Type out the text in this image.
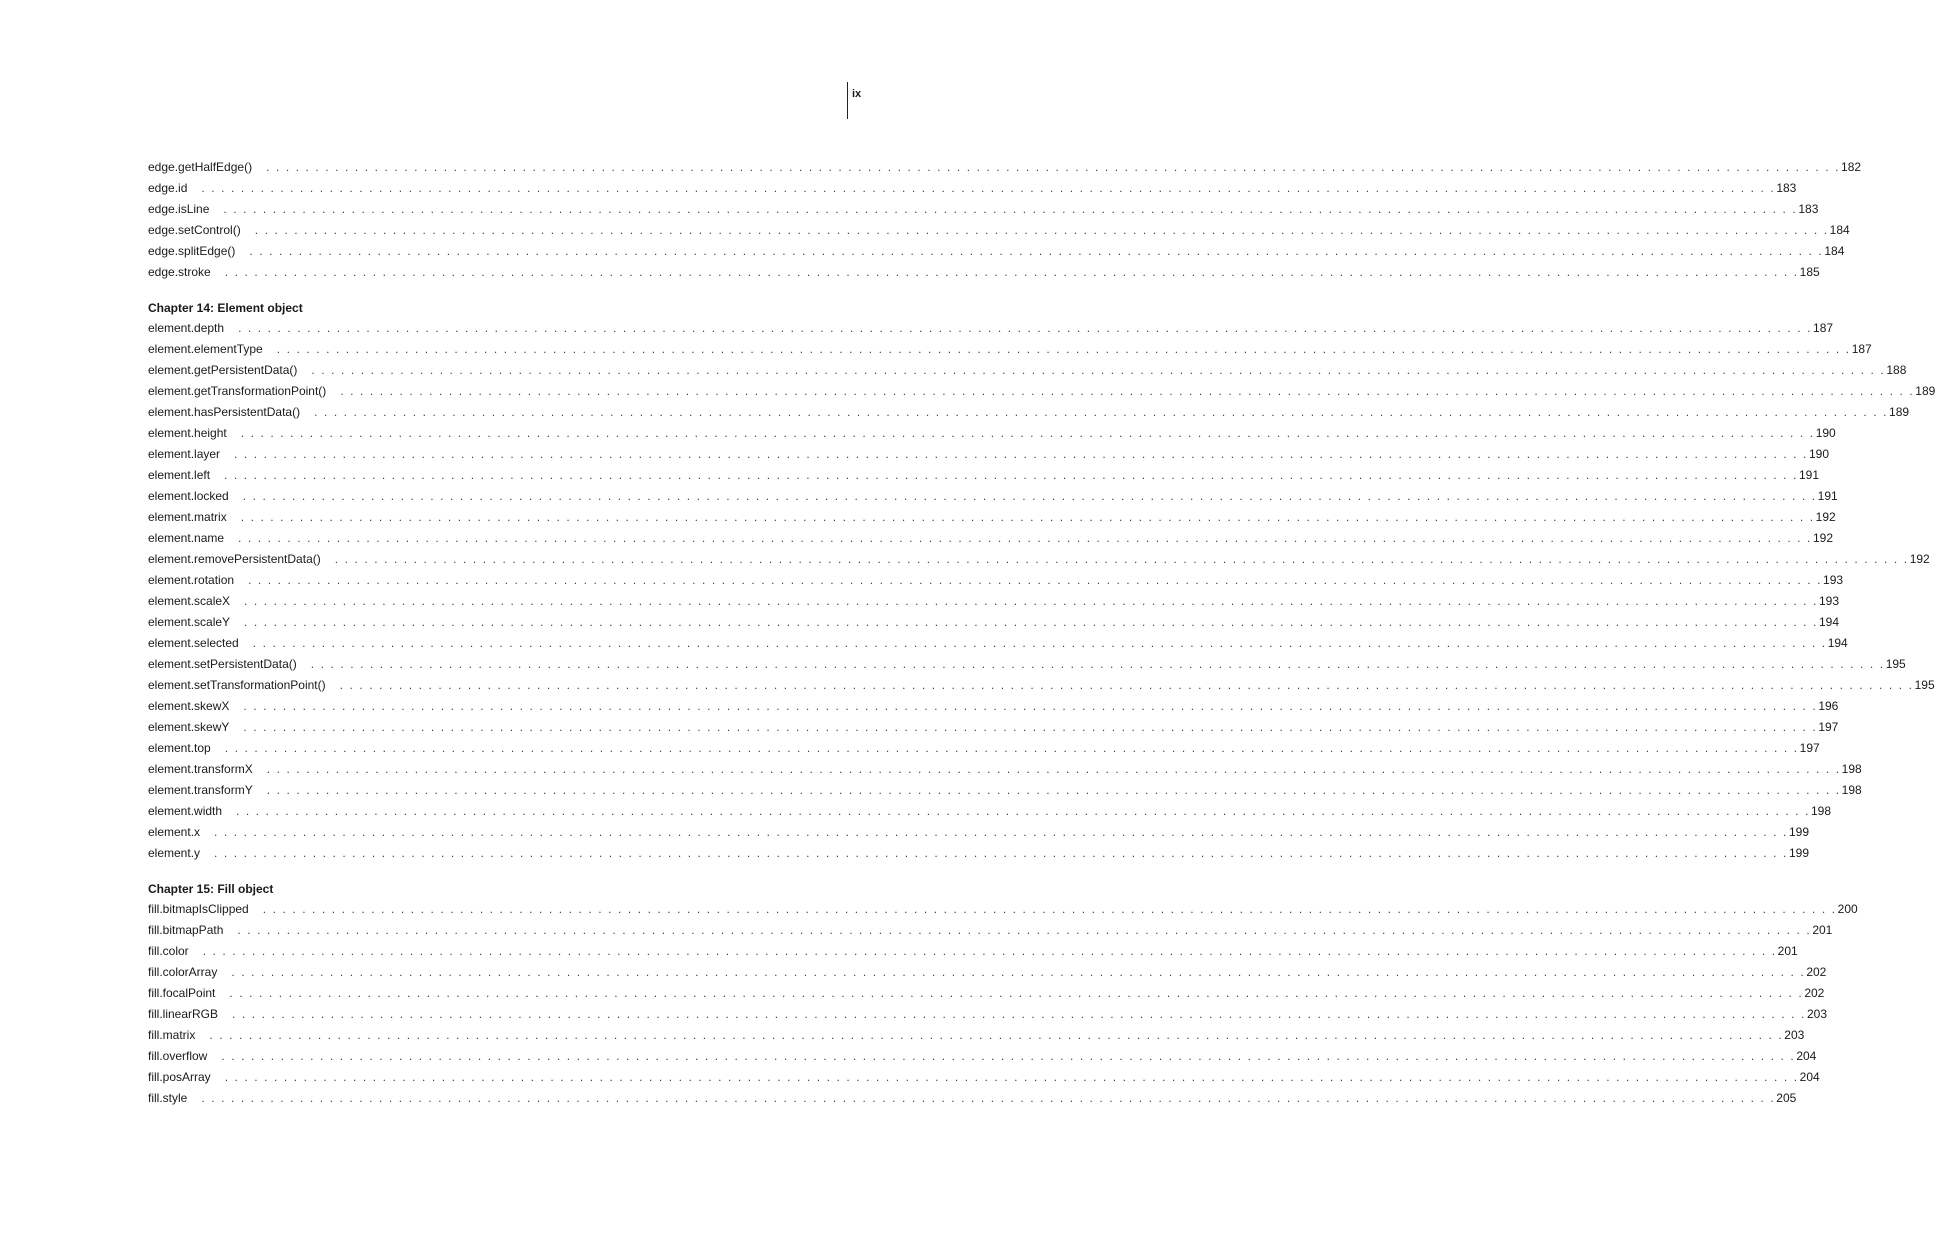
ix
edge.getHalfEdge()	. . . . . . . . . . . . . . . . . . . . . . . . . . . . . . . . . . . . . . . . . . . . . . . . . . . . . . . . . . . . . . . . . . . . . . . . . . . . . . . . . . . . . . . . . . . . . . . . . . . . . . . . . . . . . . . . . . . . . . . . . . . . . . . . . . . . . . . . . . . . . . . . . . . . . . . . . . . . . . . . 182
edge.id	. . . . . . . . . . . . . . . . . . . . . . . . . . . . . . . . . . . . . . . . . . . . . . . . . . . . . . . . . . . . . . . . . . . . . . . . . . . . . . . . . . . . . . . . . . . . . . . . . . . . . . . . . . . . . . . . . . . . . . . . . . . . . . . . . . . . . . . . . . . . . . . . . . . . . . . . . . . . . . . . 183
edge.isLine	. . . . . . . . . . . . . . . . . . . . . . . . . . . . . . . . . . . . . . . . . . . . . . . . . . . . . . . . . . . . . . . . . . . . . . . . . . . . . . . . . . . . . . . . . . . . . . . . . . . . . . . . . . . . . . . . . . . . . . . . . . . . . . . . . . . . . . . . . . . . . . . . . . . . . . . . . . . . . . . . 183
edge.setControl()	. . . . . . . . . . . . . . . . . . . . . . . . . . . . . . . . . . . . . . . . . . . . . . . . . . . . . . . . . . . . . . . . . . . . . . . . . . . . . . . . . . . . . . . . . . . . . . . . . . . . . . . . . . . . . . . . . . . . . . . . . . . . . . . . . . . . . . . . . . . . . . . . . . . . . . . . . . . . . . . . 184
edge.splitEdge()	. . . . . . . . . . . . . . . . . . . . . . . . . . . . . . . . . . . . . . . . . . . . . . . . . . . . . . . . . . . . . . . . . . . . . . . . . . . . . . . . . . . . . . . . . . . . . . . . . . . . . . . . . . . . . . . . . . . . . . . . . . . . . . . . . . . . . . . . . . . . . . . . . . . . . . . . . . . . . . . . 184
edge.stroke	. . . . . . . . . . . . . . . . . . . . . . . . . . . . . . . . . . . . . . . . . . . . . . . . . . . . . . . . . . . . . . . . . . . . . . . . . . . . . . . . . . . . . . . . . . . . . . . . . . . . . . . . . . . . . . . . . . . . . . . . . . . . . . . . . . . . . . . . . . . . . . . . . . . . . . . . . . . . . . . . 185
Chapter 14: Element object
element.depth	. . . . . . . . . . . . . . . . . . . . . . . . . . . . . . . . . . . . . . . . . . . . . . . . . . . . . . . . . . . . . . . . . . . . . . . . . . . . . . . . . . . . . . . . . . . . . . . . . . . . . . . . . . . . . . . . . . . . . . . . . . . . . . . . . . . . . . . . . . . . . . . . . . . . . . . . . . . . . . . . 187
element.elementType	. . . . . . . . . . . . . . . . . . . . . . . . . . . . . . . . . . . . . . . . . . . . . . . . . . . . . . . . . . . . . . . . . . . . . . . . . . . . . . . . . . . . . . . . . . . . . . . . . . . . . . . . . . . . . . . . . . . . . . . . . . . . . . . . . . . . . . . . . . . . . . . . . . . . . . . . . . . . . . . . 187
element.getPersistentData()	. . . . . . . . . . . . . . . . . . . . . . . . . . . . . . . . . . . . . . . . . . . . . . . . . . . . . . . . . . . . . . . . . . . . . . . . . . . . . . . . . . . . . . . . . . . . . . . . . . . . . . . . . . . . . . . . . . . . . . . . . . . . . . . . . . . . . . . . . . . . . . . . . . . . . . . . . . . . . . . . 188
element.getTransformationPoint()	. . . . . . . . . . . . . . . . . . . . . . . . . . . . . . . . . . . . . . . . . . . . . . . . . . . . . . . . . . . . . . . . . . . . . . . . . . . . . . . . . . . . . . . . . . . . . . . . . . . . . . . . . . . . . . . . . . . . . . . . . . . . . . . . . . . . . . . . . . . . . . . . . . . . . . . . . . . . . . . . 189
element.hasPersistentData()	. . . . . . . . . . . . . . . . . . . . . . . . . . . . . . . . . . . . . . . . . . . . . . . . . . . . . . . . . . . . . . . . . . . . . . . . . . . . . . . . . . . . . . . . . . . . . . . . . . . . . . . . . . . . . . . . . . . . . . . . . . . . . . . . . . . . . . . . . . . . . . . . . . . . . . . . . . . . . . . . 189
element.height	. . . . . . . . . . . . . . . . . . . . . . . . . . . . . . . . . . . . . . . . . . . . . . . . . . . . . . . . . . . . . . . . . . . . . . . . . . . . . . . . . . . . . . . . . . . . . . . . . . . . . . . . . . . . . . . . . . . . . . . . . . . . . . . . . . . . . . . . . . . . . . . . . . . . . . . . . . . . . . . . 190
element.layer	. . . . . . . . . . . . . . . . . . . . . . . . . . . . . . . . . . . . . . . . . . . . . . . . . . . . . . . . . . . . . . . . . . . . . . . . . . . . . . . . . . . . . . . . . . . . . . . . . . . . . . . . . . . . . . . . . . . . . . . . . . . . . . . . . . . . . . . . . . . . . . . . . . . . . . . . . . . . . . . . 190
element.left	. . . . . . . . . . . . . . . . . . . . . . . . . . . . . . . . . . . . . . . . . . . . . . . . . . . . . . . . . . . . . . . . . . . . . . . . . . . . . . . . . . . . . . . . . . . . . . . . . . . . . . . . . . . . . . . . . . . . . . . . . . . . . . . . . . . . . . . . . . . . . . . . . . . . . . . . . . . . . . . . 191
element.locked	. . . . . . . . . . . . . . . . . . . . . . . . . . . . . . . . . . . . . . . . . . . . . . . . . . . . . . . . . . . . . . . . . . . . . . . . . . . . . . . . . . . . . . . . . . . . . . . . . . . . . . . . . . . . . . . . . . . . . . . . . . . . . . . . . . . . . . . . . . . . . . . . . . . . . . . . . . . . . . . . 191
element.matrix	. . . . . . . . . . . . . . . . . . . . . . . . . . . . . . . . . . . . . . . . . . . . . . . . . . . . . . . . . . . . . . . . . . . . . . . . . . . . . . . . . . . . . . . . . . . . . . . . . . . . . . . . . . . . . . . . . . . . . . . . . . . . . . . . . . . . . . . . . . . . . . . . . . . . . . . . . . . . . . . . 192
element.name	. . . . . . . . . . . . . . . . . . . . . . . . . . . . . . . . . . . . . . . . . . . . . . . . . . . . . . . . . . . . . . . . . . . . . . . . . . . . . . . . . . . . . . . . . . . . . . . . . . . . . . . . . . . . . . . . . . . . . . . . . . . . . . . . . . . . . . . . . . . . . . . . . . . . . . . . . . . . . . . . 192
element.removePersistentData()	. . . . . . . . . . . . . . . . . . . . . . . . . . . . . . . . . . . . . . . . . . . . . . . . . . . . . . . . . . . . . . . . . . . . . . . . . . . . . . . . . . . . . . . . . . . . . . . . . . . . . . . . . . . . . . . . . . . . . . . . . . . . . . . . . . . . . . . . . . . . . . . . . . . . . . . . . . . . . . . . 192
element.rotation	. . . . . . . . . . . . . . . . . . . . . . . . . . . . . . . . . . . . . . . . . . . . . . . . . . . . . . . . . . . . . . . . . . . . . . . . . . . . . . . . . . . . . . . . . . . . . . . . . . . . . . . . . . . . . . . . . . . . . . . . . . . . . . . . . . . . . . . . . . . . . . . . . . . . . . . . . . . . . . . . 193
element.scaleX	. . . . . . . . . . . . . . . . . . . . . . . . . . . . . . . . . . . . . . . . . . . . . . . . . . . . . . . . . . . . . . . . . . . . . . . . . . . . . . . . . . . . . . . . . . . . . . . . . . . . . . . . . . . . . . . . . . . . . . . . . . . . . . . . . . . . . . . . . . . . . . . . . . . . . . . . . . . . . . . . 193
element.scaleY	. . . . . . . . . . . . . . . . . . . . . . . . . . . . . . . . . . . . . . . . . . . . . . . . . . . . . . . . . . . . . . . . . . . . . . . . . . . . . . . . . . . . . . . . . . . . . . . . . . . . . . . . . . . . . . . . . . . . . . . . . . . . . . . . . . . . . . . . . . . . . . . . . . . . . . . . . . . . . . . . 194
element.selected	. . . . . . . . . . . . . . . . . . . . . . . . . . . . . . . . . . . . . . . . . . . . . . . . . . . . . . . . . . . . . . . . . . . . . . . . . . . . . . . . . . . . . . . . . . . . . . . . . . . . . . . . . . . . . . . . . . . . . . . . . . . . . . . . . . . . . . . . . . . . . . . . . . . . . . . . . . . . . . . . 194
element.setPersistentData()	. . . . . . . . . . . . . . . . . . . . . . . . . . . . . . . . . . . . . . . . . . . . . . . . . . . . . . . . . . . . . . . . . . . . . . . . . . . . . . . . . . . . . . . . . . . . . . . . . . . . . . . . . . . . . . . . . . . . . . . . . . . . . . . . . . . . . . . . . . . . . . . . . . . . . . . . . . . . . . . . 195
element.setTransformationPoint()	. . . . . . . . . . . . . . . . . . . . . . . . . . . . . . . . . . . . . . . . . . . . . . . . . . . . . . . . . . . . . . . . . . . . . . . . . . . . . . . . . . . . . . . . . . . . . . . . . . . . . . . . . . . . . . . . . . . . . . . . . . . . . . . . . . . . . . . . . . . . . . . . . . . . . . . . . . . . . . . . 195
element.skewX	. . . . . . . . . . . . . . . . . . . . . . . . . . . . . . . . . . . . . . . . . . . . . . . . . . . . . . . . . . . . . . . . . . . . . . . . . . . . . . . . . . . . . . . . . . . . . . . . . . . . . . . . . . . . . . . . . . . . . . . . . . . . . . . . . . . . . . . . . . . . . . . . . . . . . . . . . . . . . . . . 196
element.skewY	. . . . . . . . . . . . . . . . . . . . . . . . . . . . . . . . . . . . . . . . . . . . . . . . . . . . . . . . . . . . . . . . . . . . . . . . . . . . . . . . . . . . . . . . . . . . . . . . . . . . . . . . . . . . . . . . . . . . . . . . . . . . . . . . . . . . . . . . . . . . . . . . . . . . . . . . . . . . . . . . 197
element.top	. . . . . . . . . . . . . . . . . . . . . . . . . . . . . . . . . . . . . . . . . . . . . . . . . . . . . . . . . . . . . . . . . . . . . . . . . . . . . . . . . . . . . . . . . . . . . . . . . . . . . . . . . . . . . . . . . . . . . . . . . . . . . . . . . . . . . . . . . . . . . . . . . . . . . . . . . . . . . . . . 197
element.transformX	. . . . . . . . . . . . . . . . . . . . . . . . . . . . . . . . . . . . . . . . . . . . . . . . . . . . . . . . . . . . . . . . . . . . . . . . . . . . . . . . . . . . . . . . . . . . . . . . . . . . . . . . . . . . . . . . . . . . . . . . . . . . . . . . . . . . . . . . . . . . . . . . . . . . . . . . . . . . . . . . 198
element.transformY	. . . . . . . . . . . . . . . . . . . . . . . . . . . . . . . . . . . . . . . . . . . . . . . . . . . . . . . . . . . . . . . . . . . . . . . . . . . . . . . . . . . . . . . . . . . . . . . . . . . . . . . . . . . . . . . . . . . . . . . . . . . . . . . . . . . . . . . . . . . . . . . . . . . . . . . . . . . . . . . . 198
element.width	. . . . . . . . . . . . . . . . . . . . . . . . . . . . . . . . . . . . . . . . . . . . . . . . . . . . . . . . . . . . . . . . . . . . . . . . . . . . . . . . . . . . . . . . . . . . . . . . . . . . . . . . . . . . . . . . . . . . . . . . . . . . . . . . . . . . . . . . . . . . . . . . . . . . . . . . . . . . . . . . 198
element.x	. . . . . . . . . . . . . . . . . . . . . . . . . . . . . . . . . . . . . . . . . . . . . . . . . . . . . . . . . . . . . . . . . . . . . . . . . . . . . . . . . . . . . . . . . . . . . . . . . . . . . . . . . . . . . . . . . . . . . . . . . . . . . . . . . . . . . . . . . . . . . . . . . . . . . . . . . . . . . . . . 199
element.y	. . . . . . . . . . . . . . . . . . . . . . . . . . . . . . . . . . . . . . . . . . . . . . . . . . . . . . . . . . . . . . . . . . . . . . . . . . . . . . . . . . . . . . . . . . . . . . . . . . . . . . . . . . . . . . . . . . . . . . . . . . . . . . . . . . . . . . . . . . . . . . . . . . . . . . . . . . . . . . . . 199
Chapter 15: Fill object
fill.bitmapIsClipped	. . . . . . . . . . . . . . . . . . . . . . . . . . . . . . . . . . . . . . . . . . . . . . . . . . . . . . . . . . . . . . . . . . . . . . . . . . . . . . . . . . . . . . . . . . . . . . . . . . . . . . . . . . . . . . . . . . . . . . . . . . . . . . . . . . . . . . . . . . . . . . . . . . . . . . . . . . . . . . . . 200
fill.bitmapPath	. . . . . . . . . . . . . . . . . . . . . . . . . . . . . . . . . . . . . . . . . . . . . . . . . . . . . . . . . . . . . . . . . . . . . . . . . . . . . . . . . . . . . . . . . . . . . . . . . . . . . . . . . . . . . . . . . . . . . . . . . . . . . . . . . . . . . . . . . . . . . . . . . . . . . . . . . . . . . . . . 201
fill.color	. . . . . . . . . . . . . . . . . . . . . . . . . . . . . . . . . . . . . . . . . . . . . . . . . . . . . . . . . . . . . . . . . . . . . . . . . . . . . . . . . . . . . . . . . . . . . . . . . . . . . . . . . . . . . . . . . . . . . . . . . . . . . . . . . . . . . . . . . . . . . . . . . . . . . . . . . . . . . . . . 201
fill.colorArray	. . . . . . . . . . . . . . . . . . . . . . . . . . . . . . . . . . . . . . . . . . . . . . . . . . . . . . . . . . . . . . . . . . . . . . . . . . . . . . . . . . . . . . . . . . . . . . . . . . . . . . . . . . . . . . . . . . . . . . . . . . . . . . . . . . . . . . . . . . . . . . . . . . . . . . . . . . . . . . . . 202
fill.focalPoint	. . . . . . . . . . . . . . . . . . . . . . . . . . . . . . . . . . . . . . . . . . . . . . . . . . . . . . . . . . . . . . . . . . . . . . . . . . . . . . . . . . . . . . . . . . . . . . . . . . . . . . . . . . . . . . . . . . . . . . . . . . . . . . . . . . . . . . . . . . . . . . . . . . . . . . . . . . . . . . . . 202
fill.linearRGB	. . . . . . . . . . . . . . . . . . . . . . . . . . . . . . . . . . . . . . . . . . . . . . . . . . . . . . . . . . . . . . . . . . . . . . . . . . . . . . . . . . . . . . . . . . . . . . . . . . . . . . . . . . . . . . . . . . . . . . . . . . . . . . . . . . . . . . . . . . . . . . . . . . . . . . . . . . . . . . . . 203
fill.matrix	. . . . . . . . . . . . . . . . . . . . . . . . . . . . . . . . . . . . . . . . . . . . . . . . . . . . . . . . . . . . . . . . . . . . . . . . . . . . . . . . . . . . . . . . . . . . . . . . . . . . . . . . . . . . . . . . . . . . . . . . . . . . . . . . . . . . . . . . . . . . . . . . . . . . . . . . . . . . . . . . 203
fill.overflow	. . . . . . . . . . . . . . . . . . . . . . . . . . . . . . . . . . . . . . . . . . . . . . . . . . . . . . . . . . . . . . . . . . . . . . . . . . . . . . . . . . . . . . . . . . . . . . . . . . . . . . . . . . . . . . . . . . . . . . . . . . . . . . . . . . . . . . . . . . . . . . . . . . . . . . . . . . . . . . . . 204
fill.posArray	. . . . . . . . . . . . . . . . . . . . . . . . . . . . . . . . . . . . . . . . . . . . . . . . . . . . . . . . . . . . . . . . . . . . . . . . . . . . . . . . . . . . . . . . . . . . . . . . . . . . . . . . . . . . . . . . . . . . . . . . . . . . . . . . . . . . . . . . . . . . . . . . . . . . . . . . . . . . . . . . 204
fill.style	. . . . . . . . . . . . . . . . . . . . . . . . . . . . . . . . . . . . . . . . . . . . . . . . . . . . . . . . . . . . . . . . . . . . . . . . . . . . . . . . . . . . . . . . . . . . . . . . . . . . . . . . . . . . . . . . . . . . . . . . . . . . . . . . . . . . . . . . . . . . . . . . . . . . . . . . . . . . . . . . 205
